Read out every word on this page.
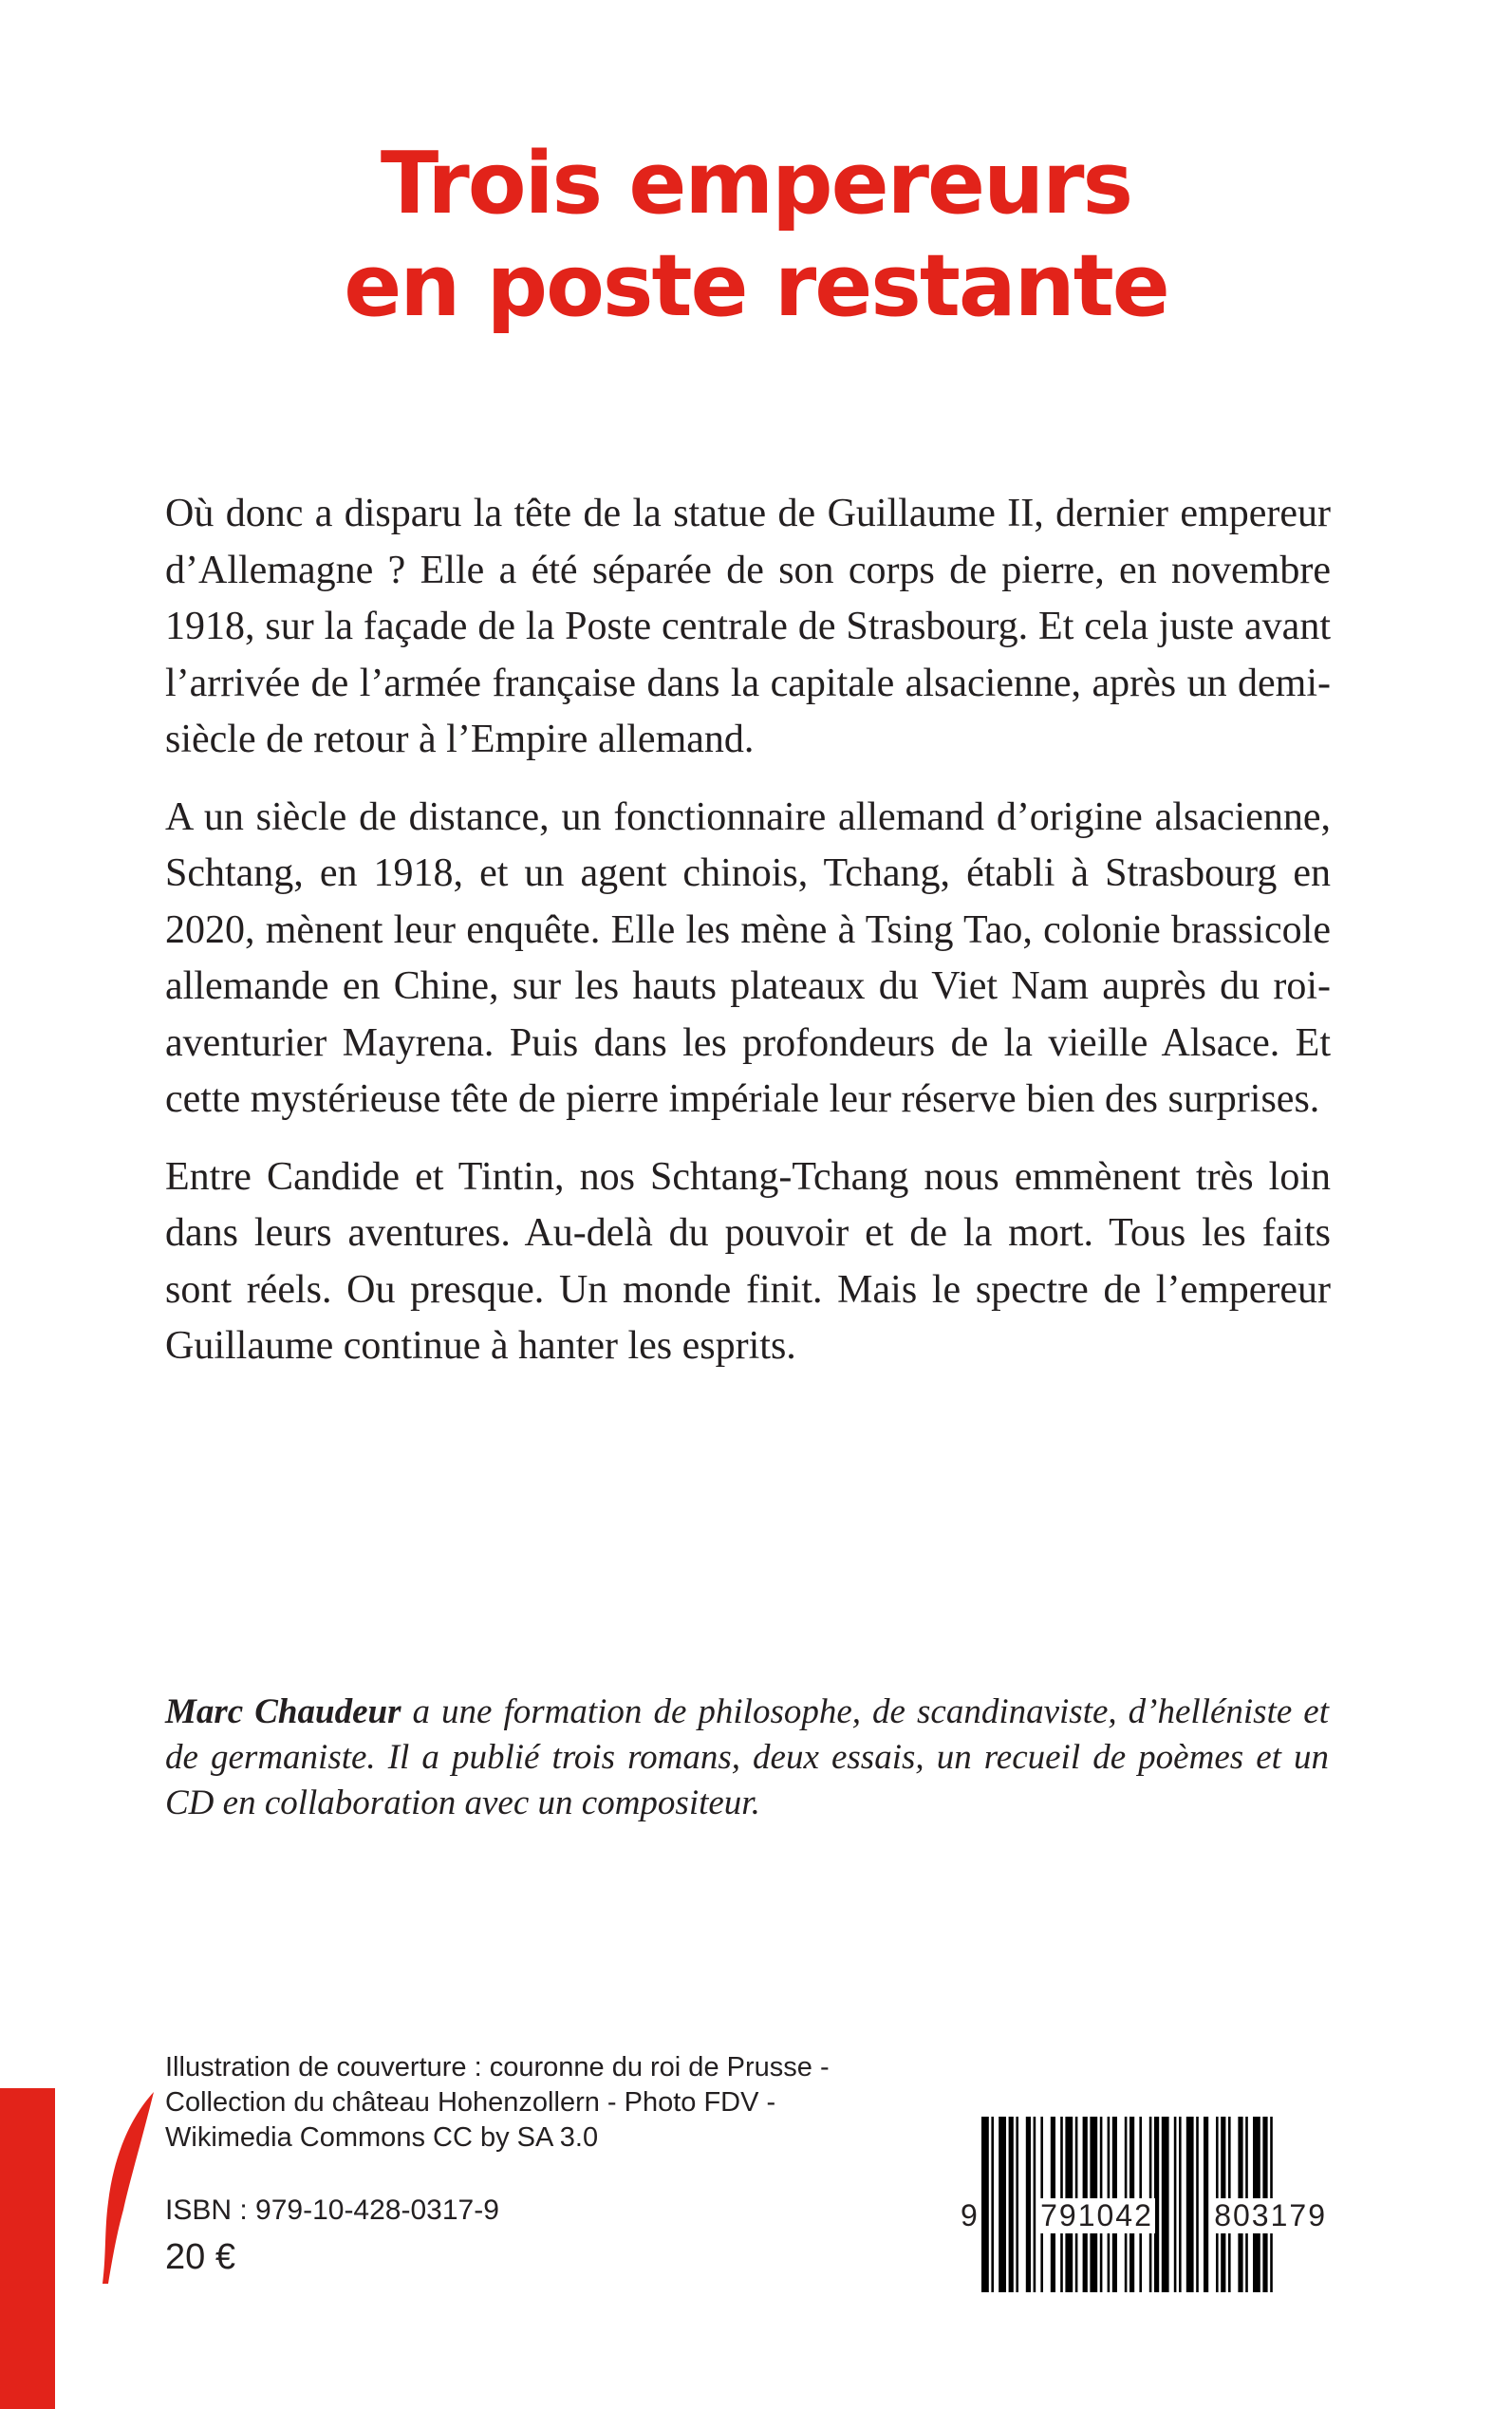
Trois empereurs
en poste restante

Où donc a disparu la tête de la statue de Guillaume II, dernier empereur d’Allemagne ? Elle a été séparée de son corps de pierre, en novembre 1918, sur la façade de la Poste centrale de Strasbourg. Et cela juste avant l’arrivée de l’armée française dans la capitale alsacienne, après un demi-siècle de retour à l’Empire allemand.

A un siècle de distance, un fonctionnaire allemand d’origine alsacienne, Schtang, en 1918, et un agent chinois, Tchang, établi à Strasbourg en 2020, mènent leur enquête. Elle les mène à Tsing Tao, colonie brassicole allemande en Chine, sur les hauts plateaux du Viet Nam auprès du roi-aventurier Mayrena. Puis dans les profondeurs de la vieille Alsace. Et cette mystérieuse tête de pierre impériale leur réserve bien des surprises.

Entre Candide et Tintin, nos Schtang-Tchang nous emmènent très loin dans leurs aventures. Au-delà du pouvoir et de la mort. Tous les faits sont réels. Ou presque. Un monde finit. Mais le spectre de l’empereur Guillaume continue à hanter les esprits.

Marc Chaudeur a une formation de philosophe, de scandinaviste, d’helléniste et de germaniste. Il a publié trois romans, deux essais, un recueil de poèmes et un CD en collaboration avec un compositeur.
Illustration de couverture : couronne du roi de Prusse - Collection du château Hohenzollern - Photo FDV - Wikimedia Commons CC by SA 3.0
ISBN : 979-10-428-0317-9
20 €
9 791042 803179
